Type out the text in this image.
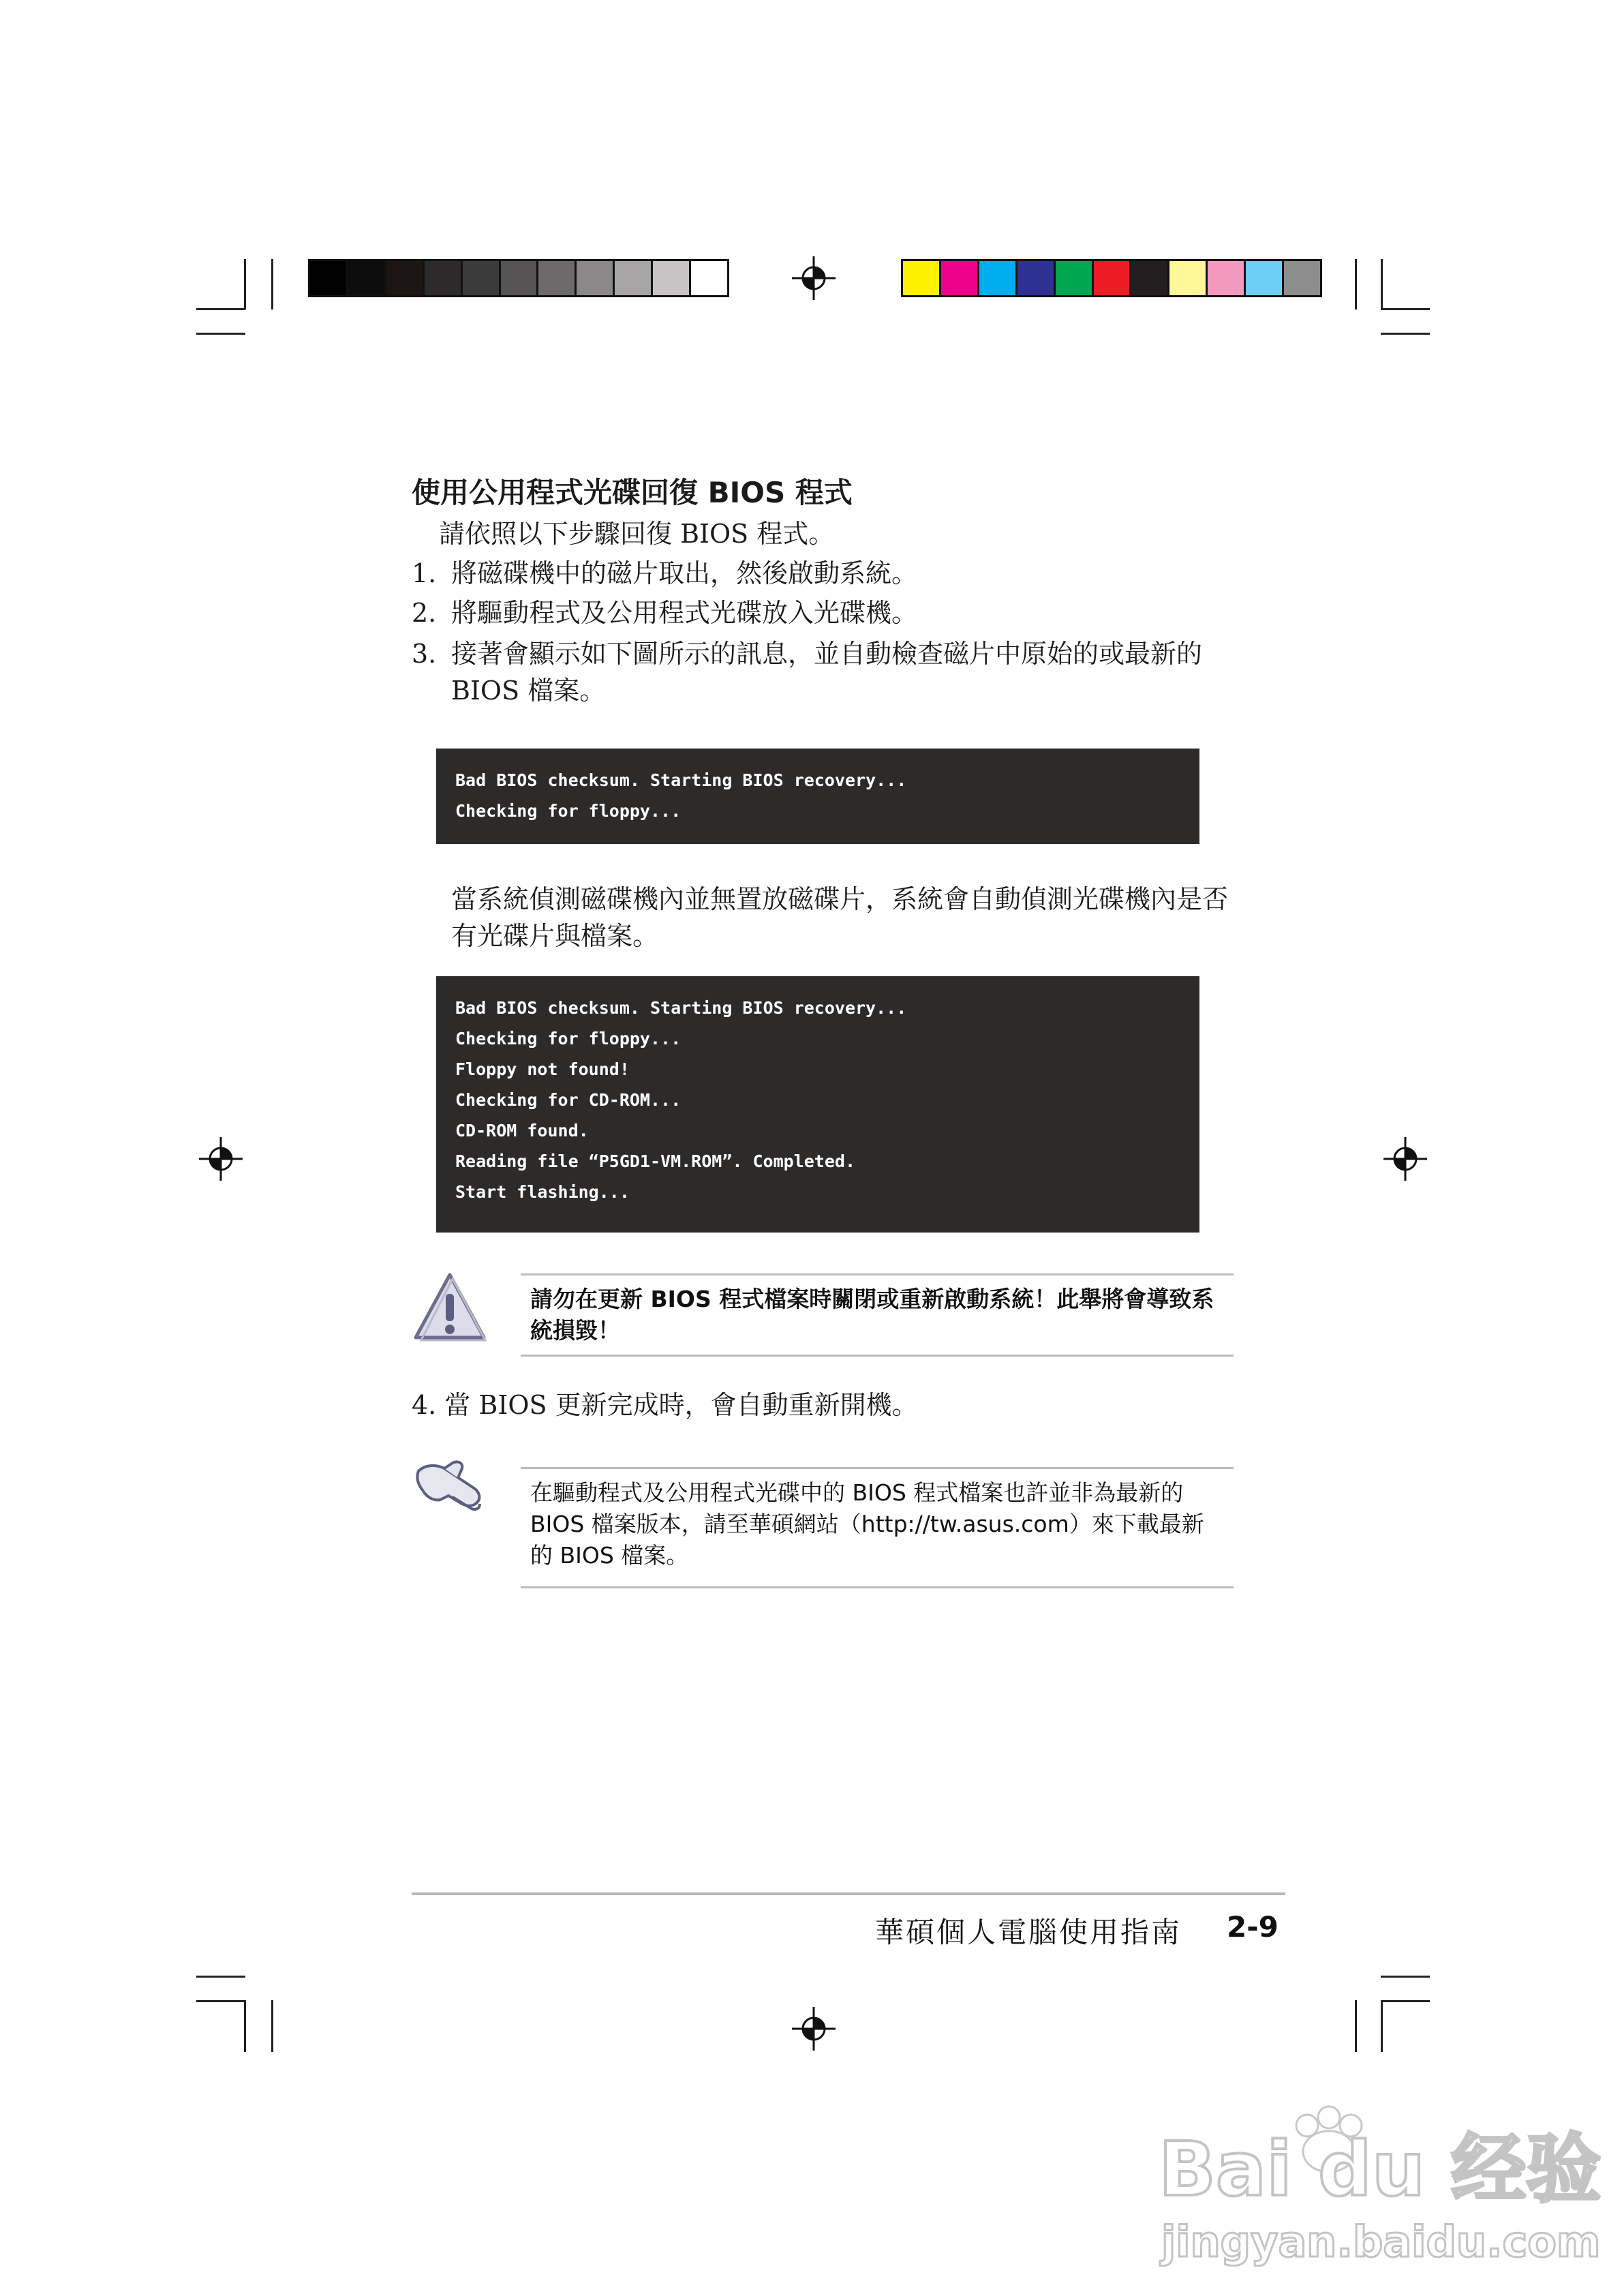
使用公用程式光碟回復 BIOS 程式
請依照以下步驟回復 BIOS 程式。
1. 將磁碟機中的磁片取出，然後啟動系統。
2. 將驅動程式及公用程式光碟放入光碟機。
3. 接著會顯示如下圖所示的訊息，並自動檢查磁片中原始的或最新的 BIOS 檔案。
Bad BIOS checksum. Starting BIOS recovery...
Checking for floppy...
當系統偵測磁碟機內並無置放磁碟片，系統會自動偵測光碟機內是否有光碟片與檔案。
Bad BIOS checksum. Starting BIOS recovery...
Checking for floppy...
Floppy not found!
Checking for CD-ROM...
CD-ROM found.
Reading file “P5GD1-VM.ROM”. Completed.
Start flashing...
請勿在更新 BIOS 程式檔案時關閉或重新啟動系統！此舉將會導致系統損毀！
4. 當 BIOS 更新完成時，會自動重新開機。
在驅動程式及公用程式光碟中的 BIOS 程式檔案也許並非為最新的 BIOS 檔案版本，請至華碩網站（http://tw.asus.com）來下載最新的 BIOS 檔案。
華碩個人電腦使用指南 2-9
Bai du 经验
jingyan.baidu.com
